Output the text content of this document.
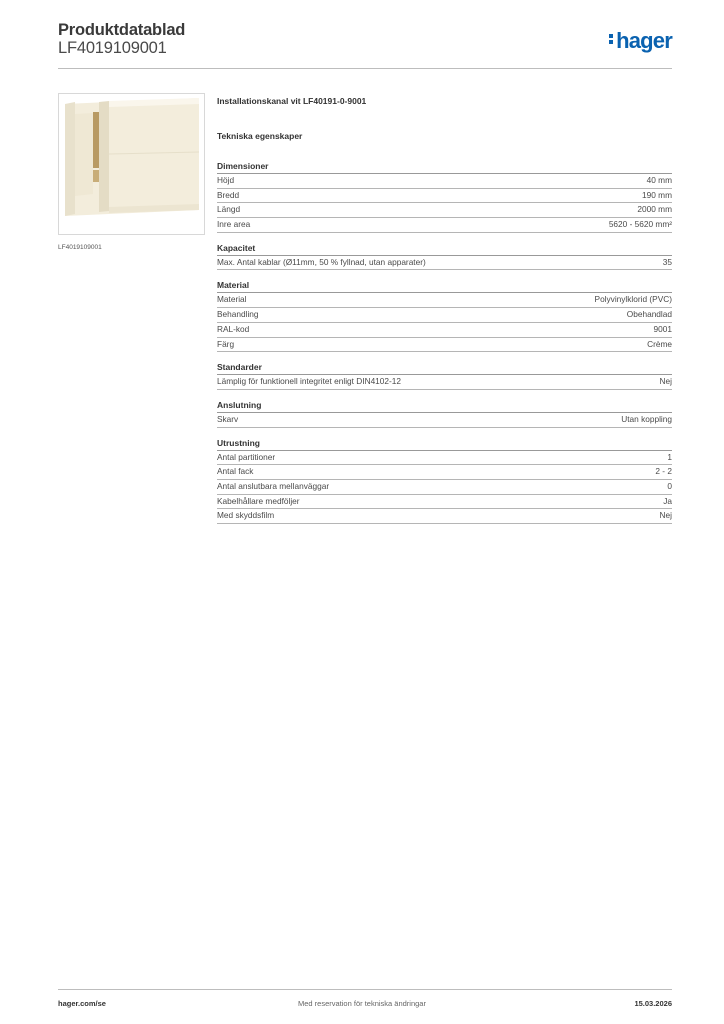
Produktdatablad
LF4019109001	hager
LF4019109001
Installationskanal vit LF40191-0-9001
Tekniska egenskaper
Dimensioner
Höjd	40 mm
Bredd	190 mm
Längd	2000 mm
Inre area	5620 - 5620 mm²
Kapacitet
Max. Antal kablar (Ø11mm, 50 % fyllnad, utan apparater)	35
Material
Material	Polyvinylklorid (PVC)
Behandling	Obehandlad
RAL-kod	9001
Färg	Crème
Standarder
Lämplig för funktionell integritet enligt DIN4102-12	Nej
Anslutning
Skarv	Utan koppling
Utrustning
Antal partitioner	1
Antal fack	2 - 2
Antal anslutbara mellanväggar	0
Kabelhållare medföljer	Ja
Med skyddsfilm	Nej
hager.com/se	Med reservation för tekniska ändringar	15.03.2026
